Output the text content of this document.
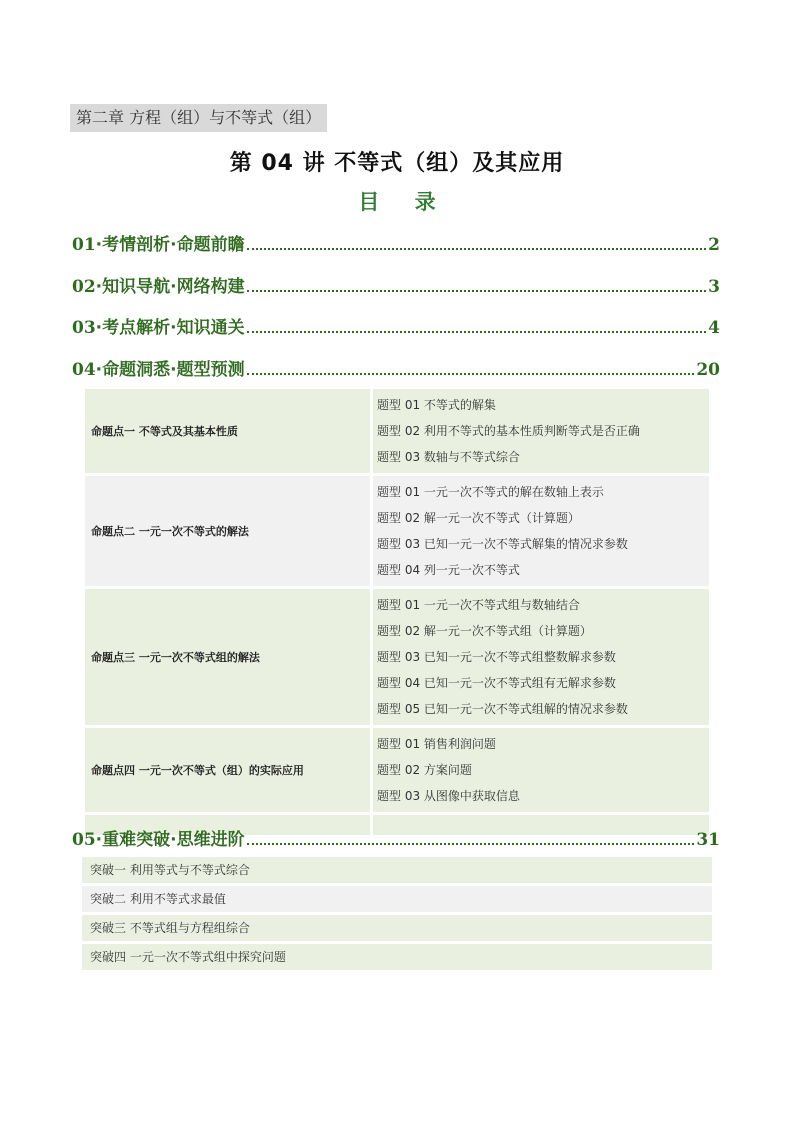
第二章 方程（组）与不等式（组）
第 04 讲 不等式（组）及其应用
目 录
01 ·考情剖析·命题前瞻	2
02 ·知识导航·网络构建	3
03 ·考点解析·知识通关	4
04 ·命题洞悉·题型预测	20
命题点一 不等式及其基本性质	题型 01 不等式的解集
题型 02 利用不等式的基本性质判断等式是否正确
题型 03 数轴与不等式综合

命题点二 一元一次不等式的解法	题型 01 一元一次不等式的解在数轴上表示
题型 02 解一元一次不等式（计算题）
题型 03 已知一元一次不等式解集的情况求参数
题型 04 列一元一次不等式

命题点三 一元一次不等式组的解法	题型 01 一元一次不等式组与数轴结合
题型 02 解一元一次不等式组（计算题）
题型 03 已知一元一次不等式组整数解求参数
题型 04 已知一元一次不等式组有无解求参数
题型 05 已知一元一次不等式组解的情况求参数

命题点四 一元一次不等式（组）的实际应用	题型 01 销售利润问题
题型 02 方案问题
题型 03 从图像中获取信息

05 ·重难突破·思维进阶	31
突破一 利用等式与不等式综合
突破二 利用不等式求最值
突破三 不等式组与方程组综合
突破四 一元一次不等式组中探究问题
